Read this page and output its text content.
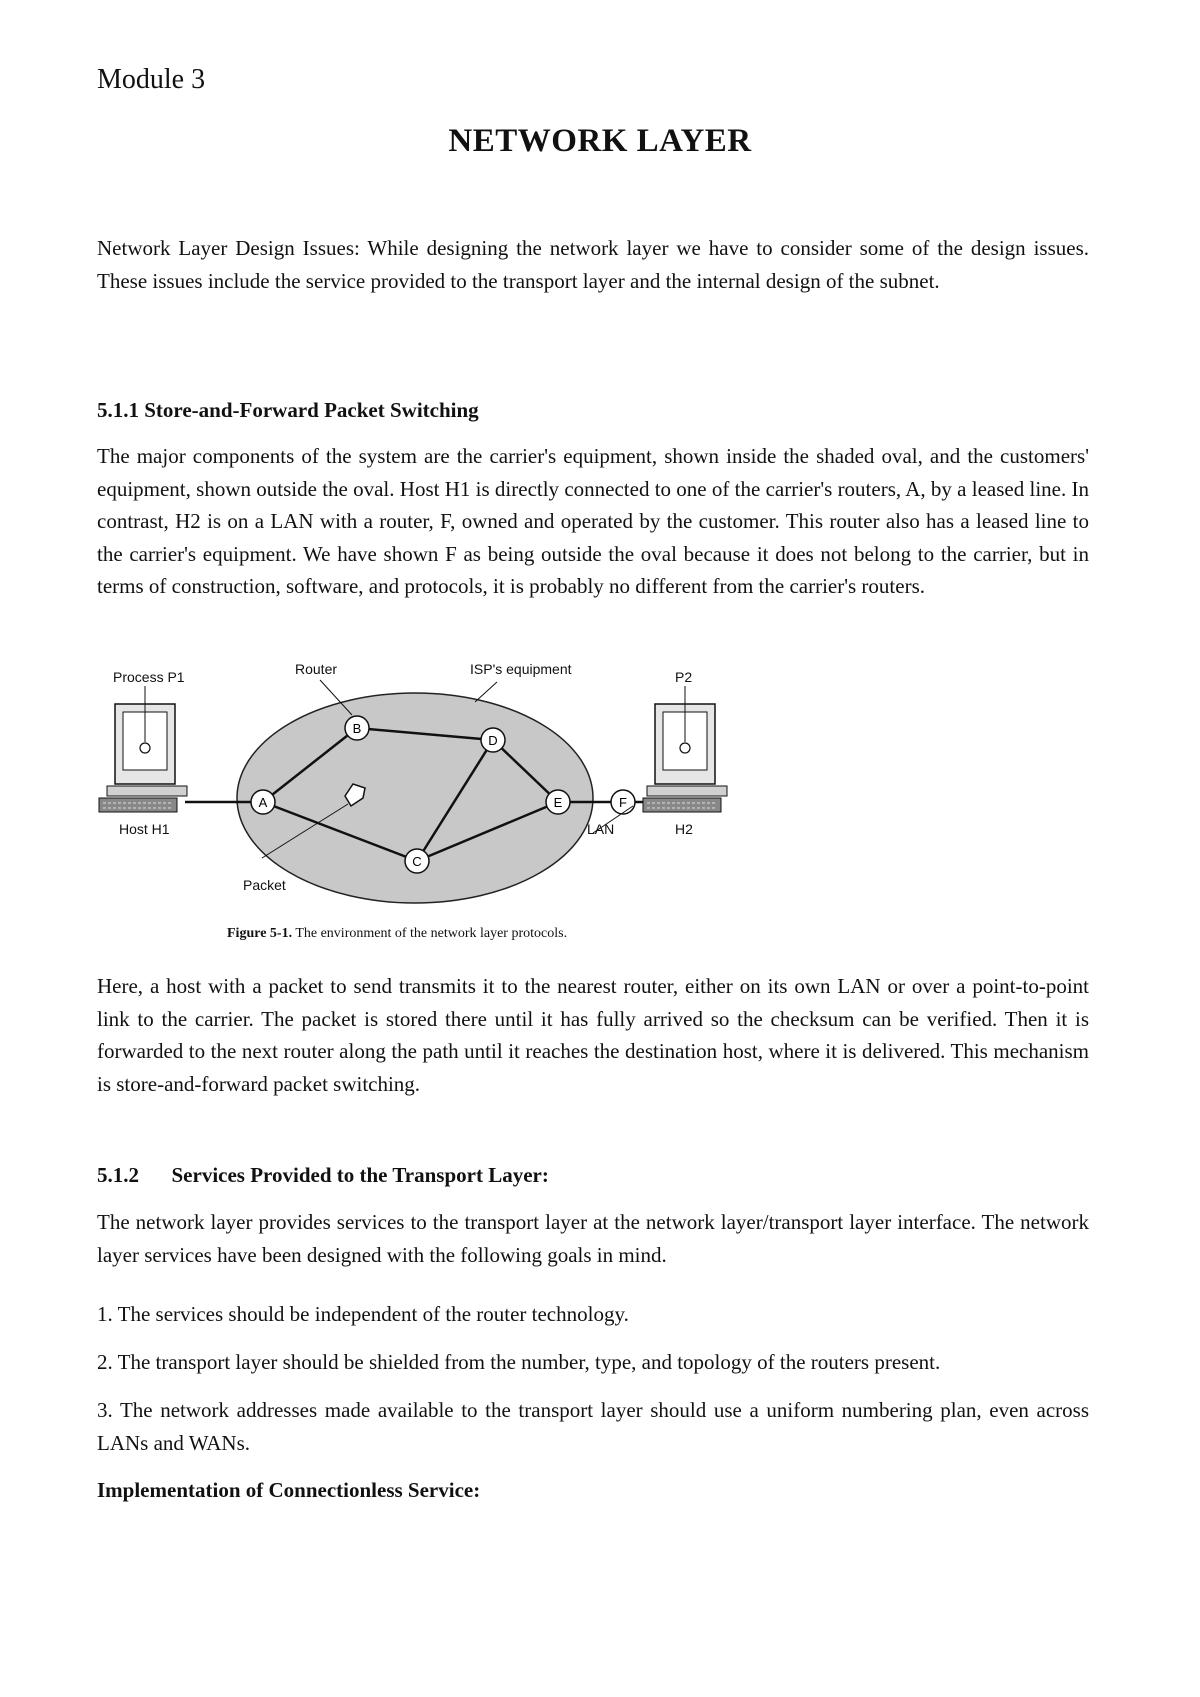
Module 3
NETWORK LAYER

Network Layer Design Issues: While designing the network layer we have to consider some of the design issues. These issues include the service provided to the transport layer and the internal design of the subnet.

5.1.1 Store-and-Forward Packet Switching

The major components of the system are the carrier's equipment, shown inside the shaded oval, and the customers' equipment, shown outside the oval. Host H1 is directly connected to one of the carrier's routers, A, by a leased line. In contrast, H2 is on a LAN with a router, F, owned and operated by the customer. This router also has a leased line to the carrier's equipment. We have shown F as being outside the oval because it does not belong to the carrier, but in terms of construction, software, and protocols, it is probably no different from the carrier's routers.

A
B
C
D
E	F
Process P1	Router	ISP's equipment	P2
Host H1
Packet
LAN	H2
Figure 5-1. The environment of the network layer protocols.

Here, a host with a packet to send transmits it to the nearest router, either on its own LAN or over a point-to-point link to the carrier. The packet is stored there until it has fully arrived so the checksum can be verified. Then it is forwarded to the next router along the path until it reaches the destination host, where it is delivered. This mechanism is store-and-forward packet switching.

5.1.2 Services Provided to the Transport Layer:

The network layer provides services to the transport layer at the network layer/transport layer interface. The network layer services have been designed with the following goals in mind.

1. The services should be independent of the router technology.

2. The transport layer should be shielded from the number, type, and topology of the routers present.

3. The network addresses made available to the transport layer should use a uniform numbering plan, even across LANs and WANs.

Implementation of Connectionless Service:
